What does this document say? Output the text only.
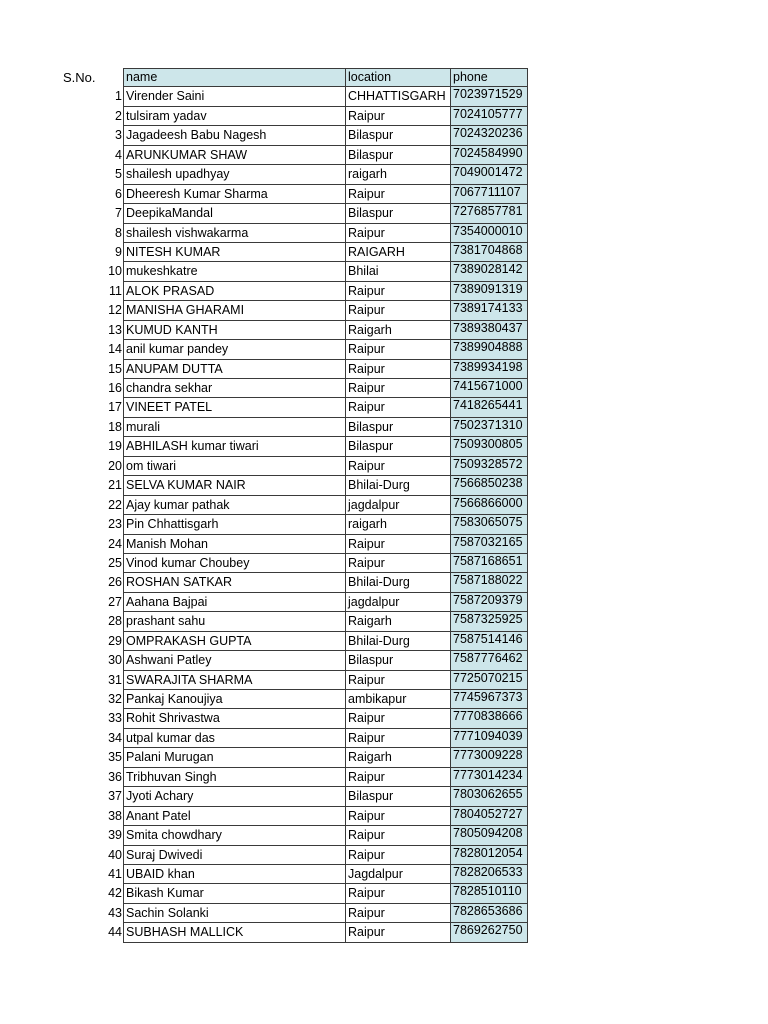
S.No. name	location	phone
1 Virender Saini	CHHATTISGARH 7023971529
2 tulsiram yadav	Raipur	7024105777
3 Jagadeesh Babu Nagesh	Bilaspur	7024320236
4 ARUNKUMAR SHAW	Bilaspur	7024584990
5 shailesh upadhyay	raigarh	7049001472
6 Dheeresh Kumar Sharma	Raipur	7067711107
7 DeepikaMandal	Bilaspur	7276857781
8 shailesh vishwakarma	Raipur	7354000010
9 NITESH KUMAR	RAIGARH	7381704868
10 mukeshkatre	Bhilai	7389028142
11 ALOK PRASAD	Raipur	7389091319
12 MANISHA GHARAMI	Raipur	7389174133
13 KUMUD KANTH	Raigarh	7389380437
14 anil kumar pandey	Raipur	7389904888
15 ANUPAM DUTTA	Raipur	7389934198
16 chandra sekhar	Raipur	7415671000
17 VINEET PATEL	Raipur	7418265441
18 murali	Bilaspur	7502371310
19 ABHILASH kumar tiwari	Bilaspur	7509300805
20 om tiwari	Raipur	7509328572
21 SELVA KUMAR NAIR	Bhilai-Durg	7566850238
22 Ajay kumar pathak	jagdalpur	7566866000
23 Pin Chhattisgarh	raigarh	7583065075
24 Manish Mohan	Raipur	7587032165
25 Vinod kumar Choubey	Raipur	7587168651
26 ROSHAN SATKAR	Bhilai-Durg	7587188022
27 Aahana Bajpai	jagdalpur	7587209379
28 prashant sahu	Raigarh	7587325925
29 OMPRAKASH GUPTA	Bhilai-Durg	7587514146
30 Ashwani Patley	Bilaspur	7587776462
31 SWARAJITA SHARMA	Raipur	7725070215
32 Pankaj Kanoujiya	ambikapur	7745967373
33 Rohit Shrivastwa	Raipur	7770838666
34 utpal kumar das	Raipur	7771094039
35 Palani Murugan	Raigarh	7773009228
36 Tribhuvan Singh	Raipur	7773014234
37 Jyoti Achary	Bilaspur	7803062655
38 Anant Patel	Raipur	7804052727
39 Smita chowdhary	Raipur	7805094208
40 Suraj Dwivedi	Raipur	7828012054
41 UBAID khan	Jagdalpur	7828206533
42 Bikash Kumar	Raipur	7828510110
43 Sachin Solanki	Raipur	7828653686
44 SUBHASH MALLICK	Raipur	7869262750
